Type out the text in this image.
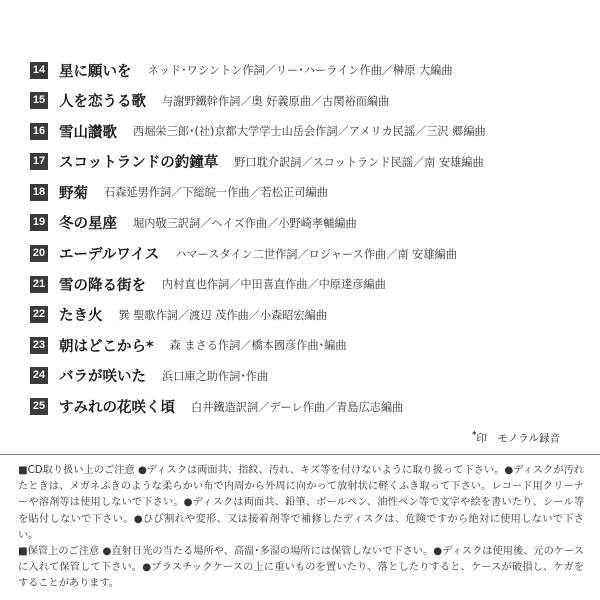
14 星に願いを ネッド･ワシントン作詞／リー･ハーライン作曲／榊原 大編曲
15 人を恋うる歌 与謝野鐵幹作詞／奥 好義原曲／古関裕而編曲
16 雪山讃歌 西堀栄三郎･(社)京都大学学士山岳会作詞／アメリカ民謡／三沢 郷編曲
17 スコットランドの釣鐘草 野口耽介訳詞／スコットランド民謡／南 安雄編曲
18 野菊 石森延男作詞／下総皖一作曲／若松正司編曲
19 冬の星座 堀内敬三訳詞／ヘイズ作曲／小野崎孝輔編曲
20 エーデルワイス ハマースタイン二世作詞／ロジャース作曲／南 安雄編曲
21 雪の降る街を 内村直也作詞／中田喜直作曲／中原達彦編曲
22 たき火 巽 聖歌作詞／渡辺 茂作曲／小森昭宏編曲
23 朝はどこから* 森 まさる作詞／橋本國彦作曲･編曲
24 バラが咲いた 浜口庫之助作詞･作曲
25 すみれの花咲く頃 白井鐵造訳詞／デーレ作曲／青島広志編曲
*印　モノラル録音

■CD取り扱い上のご注意 ●ディスクは両面共、指紋、汚れ、キズ等を付けないように取り扱って下さい。●ディスクが汚れたときは、メガネふきのような柔らかい布で内周から外周に向かって放射状に軽くふき取って下さい。レコード用クリーナーや溶剤等は使用しないで下さい。●ディスクは両面共、鉛筆、ボールペン、油性ペン等で文字や絵を書いたり、シール等を貼付しないで下さい。●ひび割れや変形、又は接着剤等で補修したディスクは、危険ですから絶対に使用しないで下さい。

■保管上のご注意 ●直射日光の当たる場所や、高温･多湿の場所には保管しないで下さい。●ディスクは使用後、元のケースに入れて保管して下さい。●プラスチックケースの上に重いものを置いたり、落としたりすると、ケースが破損し、ケガをすることがあります。
